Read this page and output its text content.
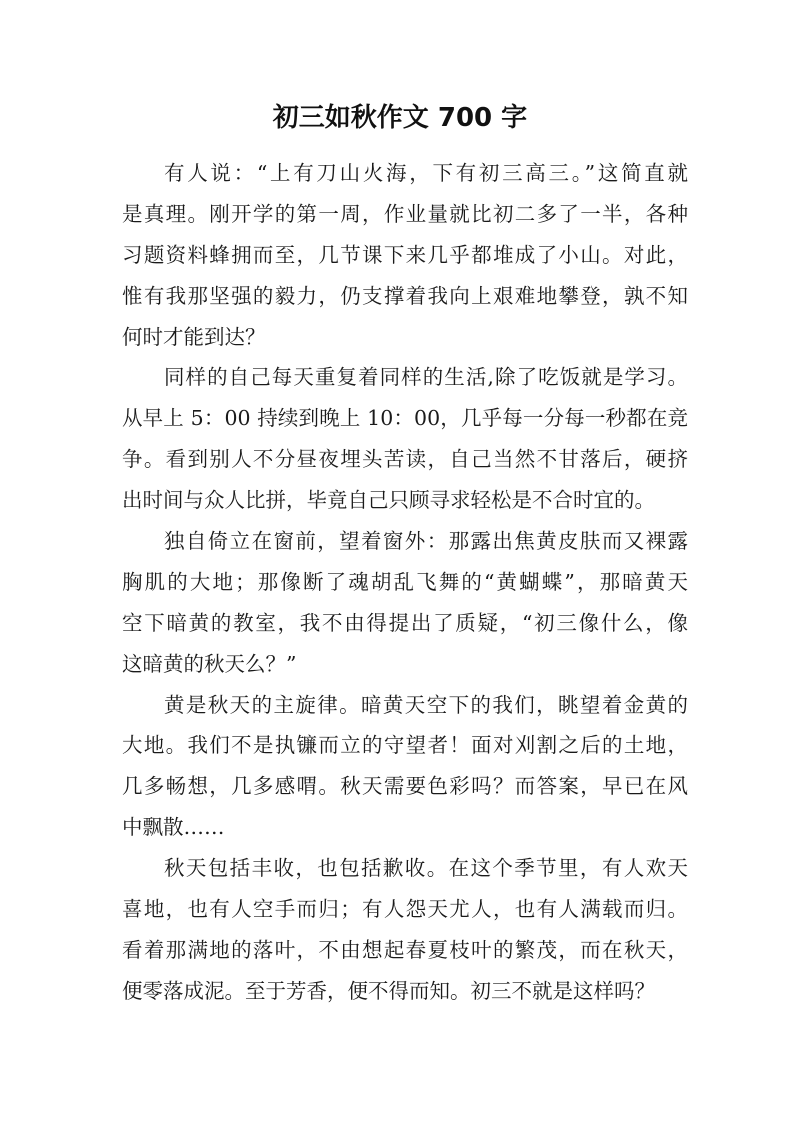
初三如秋作文 700 字
有人说：“上有刀山火海，下有初三高三。”这简直就
是真理。刚开学的第一周，作业量就比初二多了一半，各种
习题资料蜂拥而至，几节课下来几乎都堆成了小山。对此，
惟有我那坚强的毅力，仍支撑着我向上艰难地攀登，孰不知
何时才能到达？
同样的自己每天重复着同样的生活,除了吃饭就是学习。
从早上 5：00 持续到晚上 10：00，几乎每一分每一秒都在竞
争。看到别人不分昼夜埋头苦读，自己当然不甘落后，硬挤
出时间与众人比拼，毕竟自己只顾寻求轻松是不合时宜的。
独自倚立在窗前，望着窗外：那露出焦黄皮肤而又裸露
胸肌的大地；那像断了魂胡乱飞舞的“黄蝴蝶”，那暗黄天
空下暗黄的教室，我不由得提出了质疑，“初三像什么，像
这暗黄的秋天么？”
黄是秋天的主旋律。暗黄天空下的我们，眺望着金黄的
大地。我们不是执镰而立的守望者！面对刈割之后的土地，
几多畅想，几多感喟。秋天需要色彩吗？而答案，早已在风
中飘散……
秋天包括丰收，也包括歉收。在这个季节里，有人欢天
喜地，也有人空手而归；有人怨天尤人，也有人满载而归。
看着那满地的落叶，不由想起春夏枝叶的繁茂，而在秋天，
便零落成泥。至于芳香，便不得而知。初三不就是这样吗？
